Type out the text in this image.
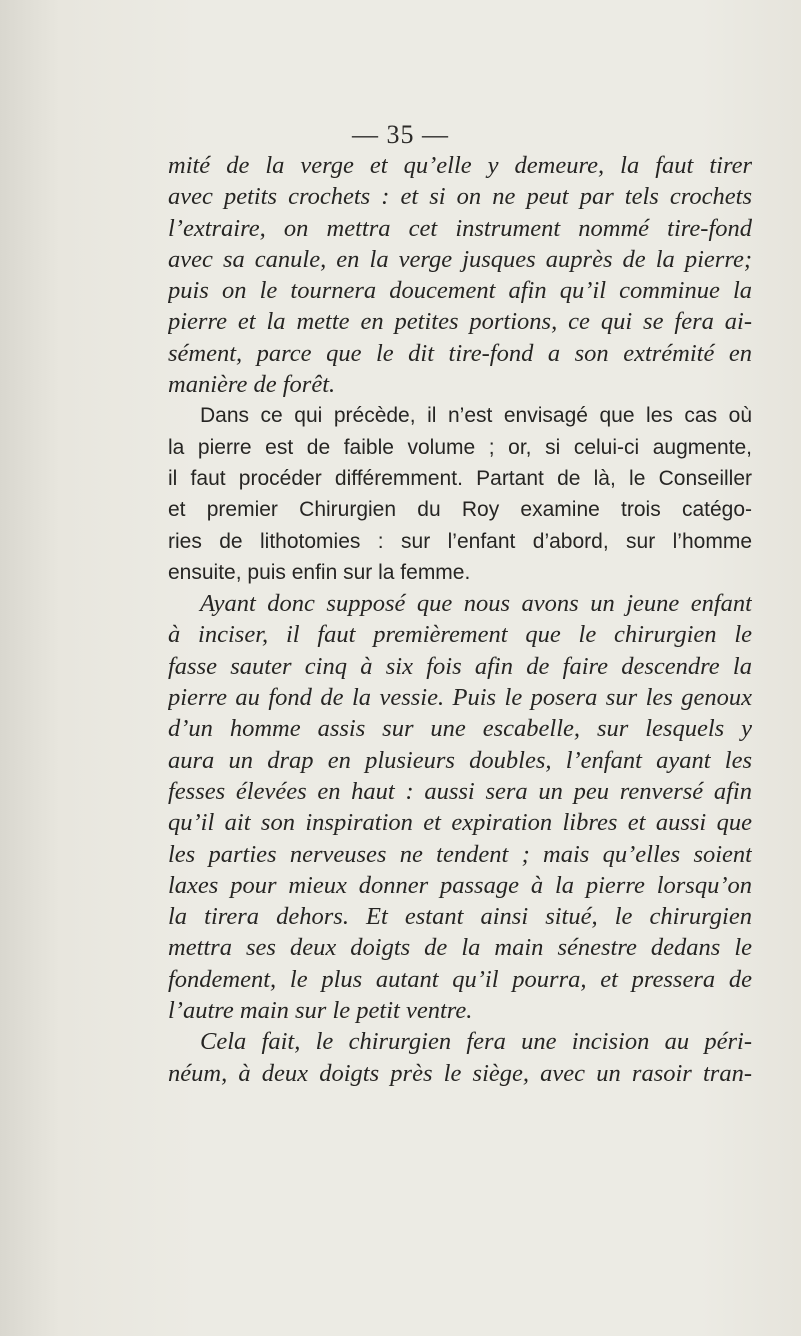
— 35 —
mité de la verge et qu’elle y demeure, la faut tirer
avec petits crochets : et si on ne peut par tels crochets
l’extraire, on mettra cet instrument nommé tire-fond
avec sa canule, en la verge jusques auprès de la pierre;
puis on le tournera doucement afin qu’il comminue la
pierre et la mette en petites portions, ce qui se fera ai-
sément, parce que le dit tire-fond a son extrémité en
manière de forêt.
Dans ce qui précède, il n’est envisagé que les cas où
la pierre est de faible volume ; or, si celui-ci augmente,
il faut procéder différemment. Partant de là, le Conseiller
et premier Chirurgien du Roy examine trois catégo-
ries de lithotomies : sur l’enfant d’abord, sur l’homme
ensuite, puis enfin sur la femme.
Ayant donc supposé que nous avons un jeune enfant
à inciser, il faut premièrement que le chirurgien le
fasse sauter cinq à six fois afin de faire descendre la
pierre au fond de la vessie. Puis le posera sur les genoux
d’un homme assis sur une escabelle, sur lesquels y
aura un drap en plusieurs doubles, l’enfant ayant les
fesses élevées en haut : aussi sera un peu renversé afin
qu’il ait son inspiration et expiration libres et aussi que
les parties nerveuses ne tendent ; mais qu’elles soient
laxes pour mieux donner passage à la pierre lorsqu’on
la tirera dehors. Et estant ainsi situé, le chirurgien
mettra ses deux doigts de la main sénestre dedans le
fondement, le plus autant qu’il pourra, et pressera de
l’autre main sur le petit ventre.
Cela fait, le chirurgien fera une incision au péri-
néum, à deux doigts près le siège, avec un rasoir tran-
